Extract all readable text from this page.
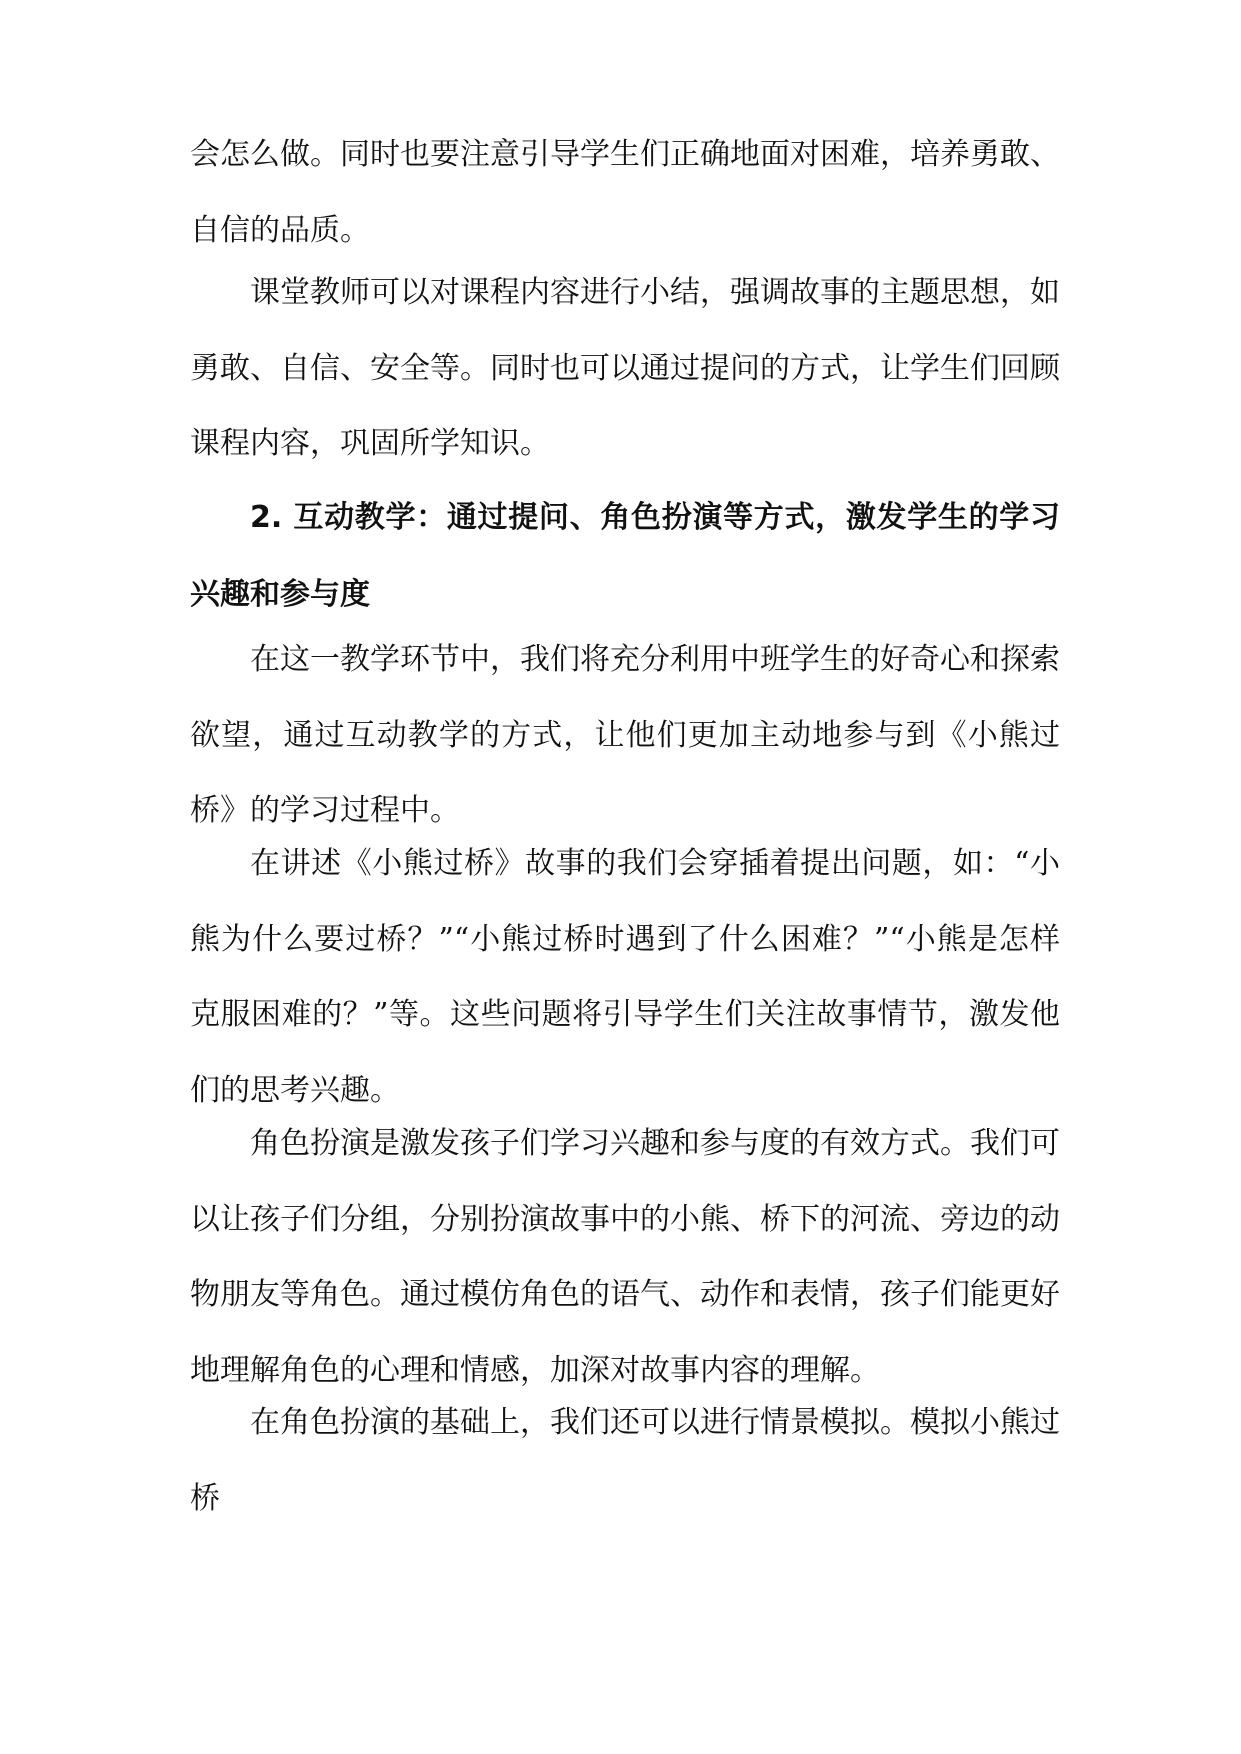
会怎么做。同时也要注意引导学生们正确地面对困难，培养勇敢、自信的品质。

课堂教师可以对课程内容进行小结，强调故事的主题思想，如勇敢、自信、安全等。同时也可以通过提问的方式，让学生们回顾课程内容，巩固所学知识。

2. 互动教学：通过提问、角色扮演等方式，激发学生的学习兴趣和参与度

在这一教学环节中，我们将充分利用中班学生的好奇心和探索欲望，通过互动教学的方式，让他们更加主动地参与到《小熊过桥》的学习过程中。

在讲述《小熊过桥》故事的我们会穿插着提出问题，如：“小熊为什么要过桥？”“小熊过桥时遇到了什么困难？”“小熊是怎样克服困难的？”等。这些问题将引导学生们关注故事情节，激发他们的思考兴趣。

角色扮演是激发孩子们学习兴趣和参与度的有效方式。我们可以让孩子们分组，分别扮演故事中的小熊、桥下的河流、旁边的动物朋友等角色。通过模仿角色的语气、动作和表情，孩子们能更好地理解角色的心理和情感，加深对故事内容的理解。

在角色扮演的基础上，我们还可以进行情景模拟。模拟小熊过桥
